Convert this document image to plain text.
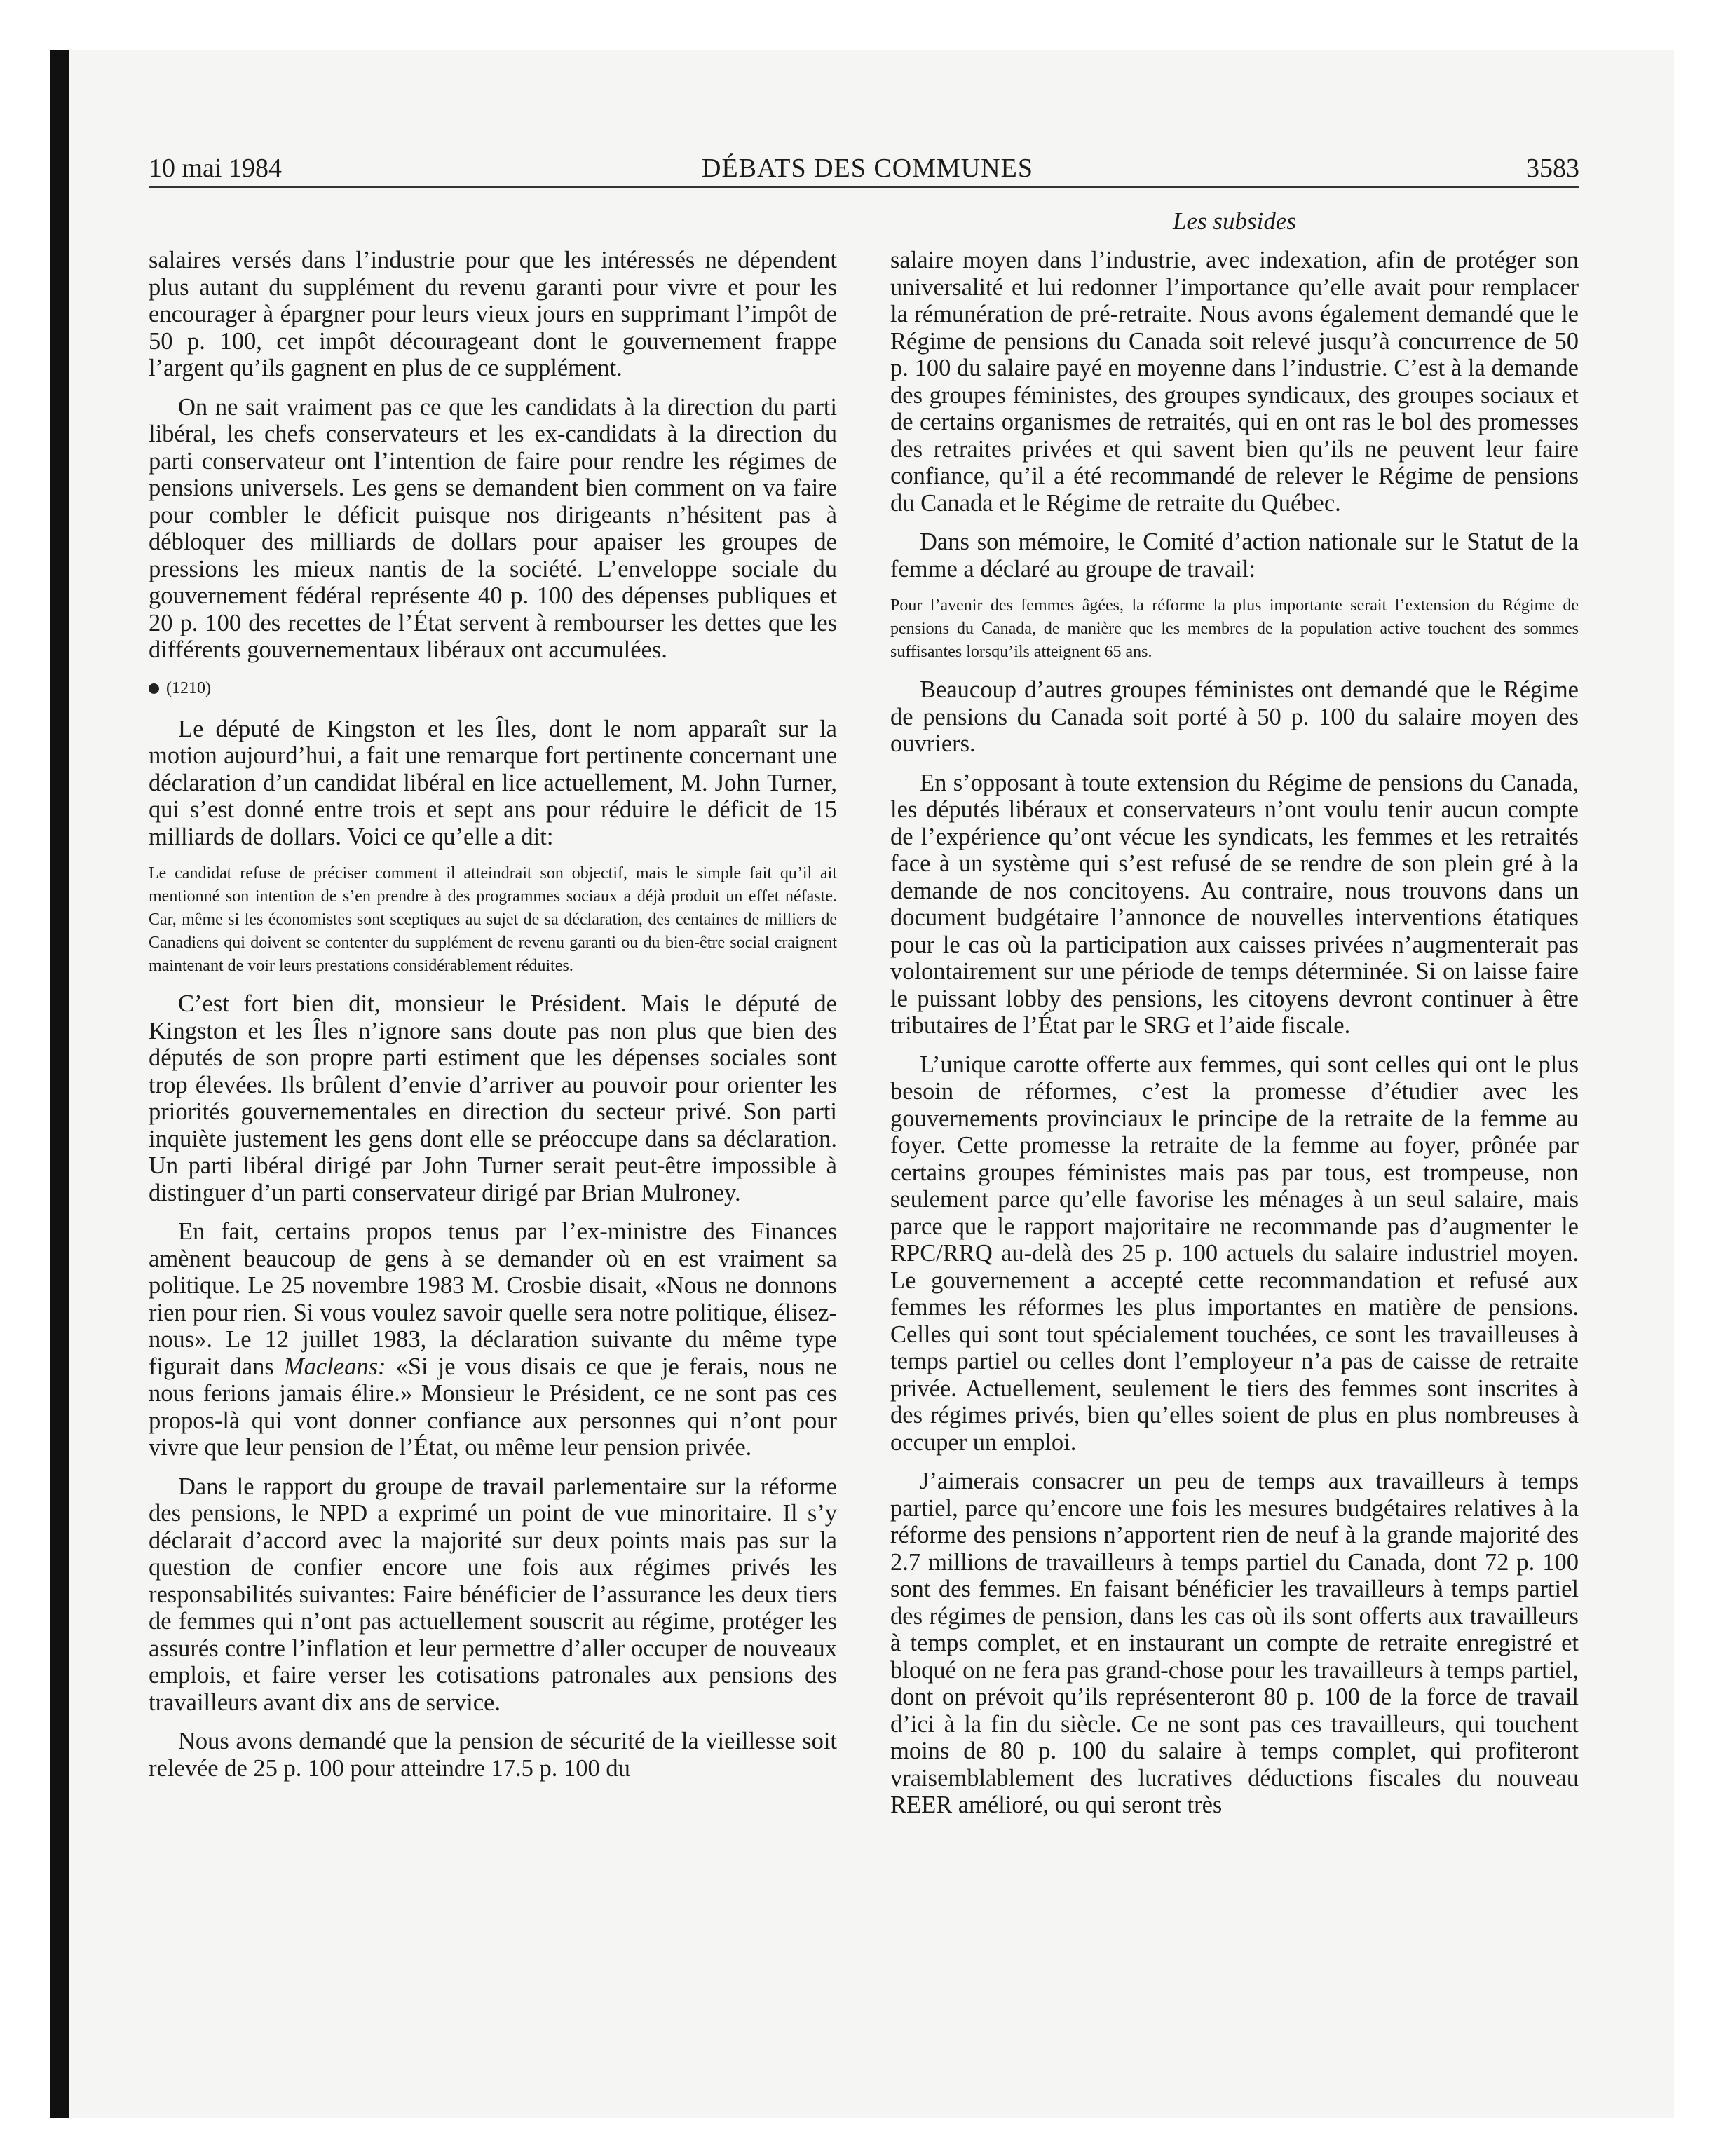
10 mai 1984	DÉBATS DES COMMUNES	3583
Les subsides

salaires versés dans l’industrie pour que les intéressés ne dépendent plus autant du supplément du revenu garanti pour vivre et pour les encourager à épargner pour leurs vieux jours en supprimant l’impôt de 50 p. 100, cet impôt décourageant dont le gouvernement frappe l’argent qu’ils gagnent en plus de ce supplément.

On ne sait vraiment pas ce que les candidats à la direction du parti libéral, les chefs conservateurs et les ex-candidats à la direction du parti conservateur ont l’intention de faire pour rendre les régimes de pensions universels. Les gens se demandent bien comment on va faire pour combler le déficit puisque nos dirigeants n’hésitent pas à débloquer des milliards de dollars pour apaiser les groupes de pressions les mieux nantis de la société. L’enveloppe sociale du gouvernement fédéral représente 40 p. 100 des dépenses publiques et 20 p. 100 des recettes de l’État servent à rembourser les dettes que les différents gouvernementaux libéraux ont accumulées.

(1210)

Le député de Kingston et les Îles, dont le nom apparaît sur la motion aujourd’hui, a fait une remarque fort pertinente concernant une déclaration d’un candidat libéral en lice actuellement, M. John Turner, qui s’est donné entre trois et sept ans pour réduire le déficit de 15 milliards de dollars. Voici ce qu’elle a dit:

Le candidat refuse de préciser comment il atteindrait son objectif, mais le simple fait qu’il ait mentionné son intention de s’en prendre à des programmes sociaux a déjà produit un effet néfaste. Car, même si les économistes sont sceptiques au sujet de sa déclaration, des centaines de milliers de Canadiens qui doivent se contenter du supplément de revenu garanti ou du bien-être social craignent maintenant de voir leurs prestations considérablement réduites.

C’est fort bien dit, monsieur le Président. Mais le député de Kingston et les Îles n’ignore sans doute pas non plus que bien des députés de son propre parti estiment que les dépenses sociales sont trop élevées. Ils brûlent d’envie d’arriver au pouvoir pour orienter les priorités gouvernementales en direction du secteur privé. Son parti inquiète justement les gens dont elle se préoccupe dans sa déclaration. Un parti libéral dirigé par John Turner serait peut-être impossible à distinguer d’un parti conservateur dirigé par Brian Mulroney.

En fait, certains propos tenus par l’ex-ministre des Finances amènent beaucoup de gens à se demander où en est vraiment sa politique. Le 25 novembre 1983 M. Crosbie disait, «Nous ne donnons rien pour rien. Si vous voulez savoir quelle sera notre politique, élisez-nous». Le 12 juillet 1983, la déclaration suivante du même type figurait dans Macleans: «Si je vous disais ce que je ferais, nous ne nous ferions jamais élire.» Monsieur le Président, ce ne sont pas ces propos-là qui vont donner confiance aux personnes qui n’ont pour vivre que leur pension de l’État, ou même leur pension privée.

Dans le rapport du groupe de travail parlementaire sur la réforme des pensions, le NPD a exprimé un point de vue minoritaire. Il s’y déclarait d’accord avec la majorité sur deux points mais pas sur la question de confier encore une fois aux régimes privés les responsabilités suivantes: Faire bénéficier de l’assurance les deux tiers de femmes qui n’ont pas actuellement souscrit au régime, protéger les assurés contre l’inflation et leur permettre d’aller occuper de nouveaux emplois, et faire verser les cotisations patronales aux pensions des travailleurs avant dix ans de service.

Nous avons demandé que la pension de sécurité de la vieillesse soit relevée de 25 p. 100 pour atteindre 17.5 p. 100 du

salaire moyen dans l’industrie, avec indexation, afin de protéger son universalité et lui redonner l’importance qu’elle avait pour remplacer la rémunération de pré-retraite. Nous avons également demandé que le Régime de pensions du Canada soit relevé jusqu’à concurrence de 50 p. 100 du salaire payé en moyenne dans l’industrie. C’est à la demande des groupes féministes, des groupes syndicaux, des groupes sociaux et de certains organismes de retraités, qui en ont ras le bol des promesses des retraites privées et qui savent bien qu’ils ne peuvent leur faire confiance, qu’il a été recommandé de relever le Régime de pensions du Canada et le Régime de retraite du Québec.

Dans son mémoire, le Comité d’action nationale sur le Statut de la femme a déclaré au groupe de travail:

Pour l’avenir des femmes âgées, la réforme la plus importante serait l’extension du Régime de pensions du Canada, de manière que les membres de la population active touchent des sommes suffisantes lorsqu’ils atteignent 65 ans.

Beaucoup d’autres groupes féministes ont demandé que le Régime de pensions du Canada soit porté à 50 p. 100 du salaire moyen des ouvriers.

En s’opposant à toute extension du Régime de pensions du Canada, les députés libéraux et conservateurs n’ont voulu tenir aucun compte de l’expérience qu’ont vécue les syndicats, les femmes et les retraités face à un système qui s’est refusé de se rendre de son plein gré à la demande de nos concitoyens. Au contraire, nous trouvons dans un document budgétaire l’annonce de nouvelles interventions étatiques pour le cas où la participation aux caisses privées n’augmenterait pas volontairement sur une période de temps déterminée. Si on laisse faire le puissant lobby des pensions, les citoyens devront continuer à être tributaires de l’État par le SRG et l’aide fiscale.

L’unique carotte offerte aux femmes, qui sont celles qui ont le plus besoin de réformes, c’est la promesse d’étudier avec les gouvernements provinciaux le principe de la retraite de la femme au foyer. Cette promesse la retraite de la femme au foyer, prônée par certains groupes féministes mais pas par tous, est trompeuse, non seulement parce qu’elle favorise les ménages à un seul salaire, mais parce que le rapport majoritaire ne recommande pas d’augmenter le RPC/RRQ au-delà des 25 p. 100 actuels du salaire industriel moyen. Le gouvernement a accepté cette recommandation et refusé aux femmes les réformes les plus importantes en matière de pensions. Celles qui sont tout spécialement touchées, ce sont les travailleuses à temps partiel ou celles dont l’employeur n’a pas de caisse de retraite privée. Actuellement, seulement le tiers des femmes sont inscrites à des régimes privés, bien qu’elles soient de plus en plus nombreuses à occuper un emploi.

J’aimerais consacrer un peu de temps aux travailleurs à temps partiel, parce qu’encore une fois les mesures budgétaires relatives à la réforme des pensions n’apportent rien de neuf à la grande majorité des 2.7 millions de travailleurs à temps partiel du Canada, dont 72 p. 100 sont des femmes. En faisant bénéficier les travailleurs à temps partiel des régimes de pension, dans les cas où ils sont offerts aux travailleurs à temps complet, et en instaurant un compte de retraite enregistré et bloqué on ne fera pas grand-chose pour les travailleurs à temps partiel, dont on prévoit qu’ils représenteront 80 p. 100 de la force de travail d’ici à la fin du siècle. Ce ne sont pas ces travailleurs, qui touchent moins de 80 p. 100 du salaire à temps complet, qui profiteront vraisemblablement des lucratives déductions fiscales du nouveau REER amélioré, ou qui seront très
